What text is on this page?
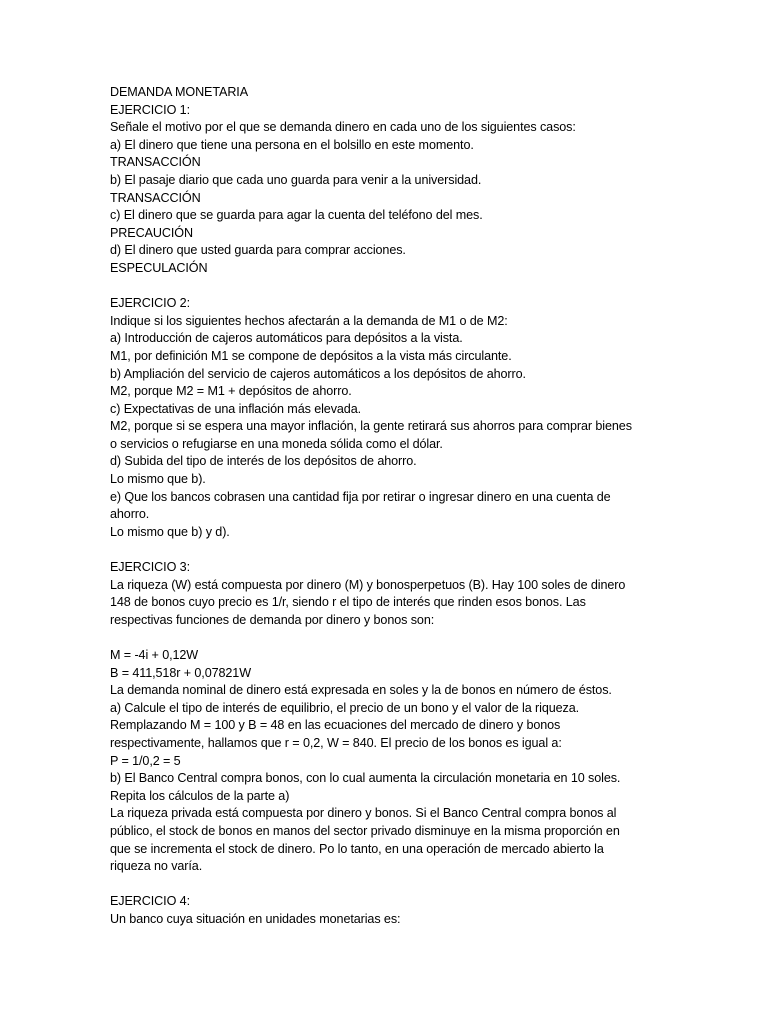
DEMANDA MONETARIA
EJERCICIO 1:
Señale el motivo por el que se demanda dinero en cada uno de los siguientes casos:
a) El dinero que tiene una persona en el bolsillo en este momento.
TRANSACCIÓN
b) El pasaje diario que cada uno guarda para venir a la universidad.
TRANSACCIÓN
c) El dinero que se guarda para agar la cuenta del teléfono del mes.
PRECAUCIÓN
d) El dinero que usted guarda para comprar acciones.
ESPECULACIÓN
EJERCICIO 2:
Indique si los siguientes hechos afectarán a la demanda de M1 o de M2:
a) Introducción de cajeros automáticos para depósitos a la vista.
M1, por definición M1 se compone de depósitos a la vista más circulante.
b) Ampliación del servicio de cajeros automáticos a los depósitos de ahorro.
M2, porque M2 = M1 + depósitos de ahorro.
c) Expectativas de una inflación más elevada.
M2, porque si se espera una mayor inflación, la gente retirará sus ahorros para comprar bienes
o servicios o refugiarse en una moneda sólida como el dólar.
d) Subida del tipo de interés de los depósitos de ahorro.
Lo mismo que b).
e) Que los bancos cobrasen una cantidad fija por retirar o ingresar dinero en una cuenta de
ahorro.
Lo mismo que b) y d).
EJERCICIO 3:
La riqueza (W) está compuesta por dinero (M) y bonosperpetuos (B). Hay 100 soles de dinero
148 de bonos cuyo precio es 1/r, siendo r el tipo de interés que rinden esos bonos. Las
respectivas funciones de demanda por dinero y bonos son:
M = -4i + 0,12W
B = 411,518r + 0,07821W
La demanda nominal de dinero está expresada en soles y la de bonos en número de éstos.
a) Calcule el tipo de interés de equilibrio, el precio de un bono y el valor de la riqueza.
Remplazando M = 100 y B = 48 en las ecuaciones del mercado de dinero y bonos
respectivamente, hallamos que r = 0,2, W = 840. El precio de los bonos es igual a:
P = 1/0,2 = 5
b) El Banco Central compra bonos, con lo cual aumenta la circulación monetaria en 10 soles.
Repita los cálculos de la parte a)
La riqueza privada está compuesta por dinero y bonos. Si el Banco Central compra bonos al
público, el stock de bonos en manos del sector privado disminuye en la misma proporción en
que se incrementa el stock de dinero. Po lo tanto, en una operación de mercado abierto la
riqueza no varía.
EJERCICIO 4:
Un banco cuya situación en unidades monetarias es:
